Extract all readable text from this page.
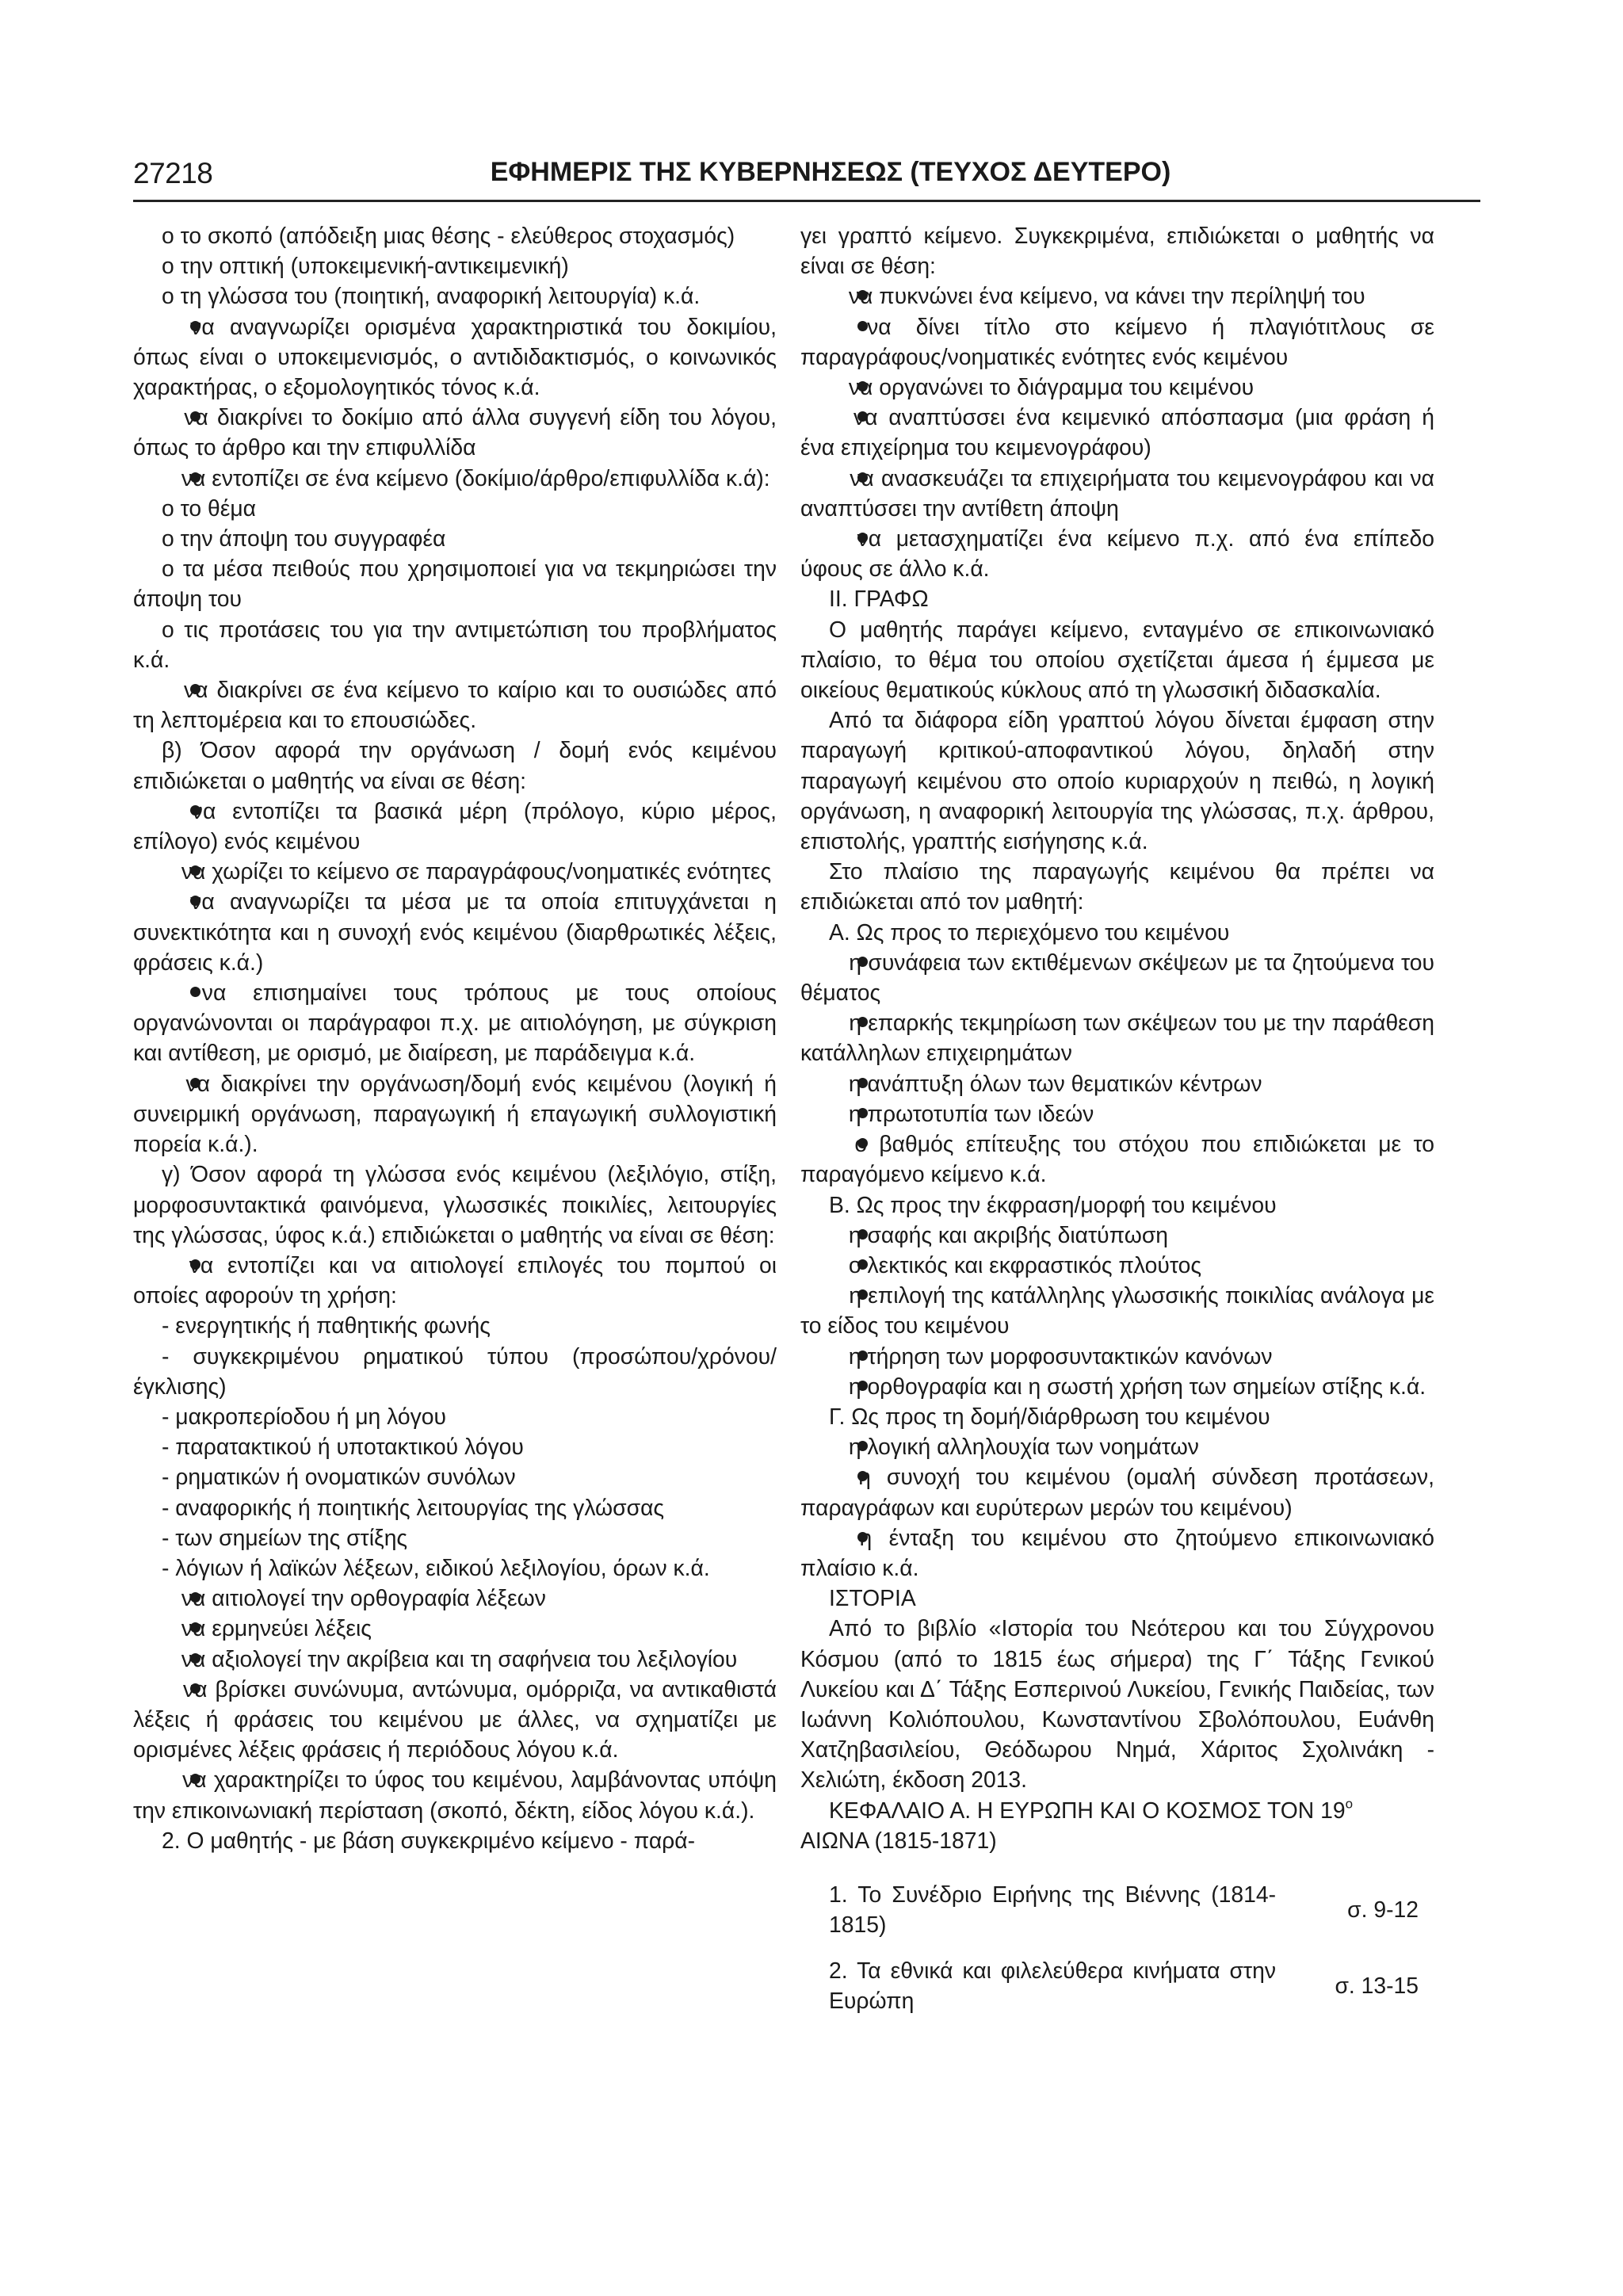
27218	ΕΦΗΜΕΡΙΣ ΤΗΣ ΚΥΒΕΡΝΗΣΕΩΣ (ΤΕΥΧΟΣ ΔΕΥΤΕΡΟ)

ο το σκοπό (απόδειξη μιας θέσης - ελεύθερος στοχασμός)

ο την οπτική (υποκειμενική-αντικειμενική)

ο τη γλώσσα του (ποιητική, αναφορική λειτουργία) κ.ά.

να αναγνωρίζει ορισμένα χαρακτηριστικά του δοκιμίου, όπως είναι ο υποκειμενισμός, ο αντιδιδακτισμός, ο κοινωνικός χαρακτήρας, ο εξομολογητικός τόνος κ.ά.

να διακρίνει το δοκίμιο από άλλα συγγενή είδη του λόγου, όπως το άρθρο και την επιφυλλίδα

να εντοπίζει σε ένα κείμενο (δοκίμιο/άρθρο/επιφυλλίδα κ.ά):

ο το θέμα

ο την άποψη του συγγραφέα

ο τα μέσα πειθούς που χρησιμοποιεί για να τεκμηριώσει την άποψη του

ο τις προτάσεις του για την αντιμετώπιση του προβλήματος κ.ά.

να διακρίνει σε ένα κείμενο το καίριο και το ουσιώδες από τη λεπτομέρεια και το επουσιώδες.

β) Όσον αφορά την οργάνωση / δομή ενός κειμένου επιδιώκεται ο μαθητής να είναι σε θέση:

να εντοπίζει τα βασικά μέρη (πρόλογο, κύριο μέρος, επίλογο) ενός κειμένου

να χωρίζει το κείμενο σε παραγράφους/νοηματικές ενότητες

να αναγνωρίζει τα μέσα με τα οποία επιτυγχάνεται η συνεκτικότητα και η συνοχή ενός κειμένου (διαρθρωτικές λέξεις, φράσεις κ.ά.)

να επισημαίνει τους τρόπους με τους οποίους οργανώνονται οι παράγραφοι π.χ. με αιτιολόγηση, με σύγκριση και αντίθεση, με ορισμό, με διαίρεση, με παράδειγμα κ.ά.

να διακρίνει την οργάνωση/δομή ενός κειμένου (λογική ή συνειρμική οργάνωση, παραγωγική ή επαγωγική συλλογιστική πορεία κ.ά.).

γ) Όσον αφορά τη γλώσσα ενός κειμένου (λεξιλόγιο, στίξη, μορφοσυντακτικά φαινόμενα, γλωσσικές ποικιλίες, λειτουργίες της γλώσσας, ύφος κ.ά.) επιδιώκεται ο μαθητής να είναι σε θέση:

να εντοπίζει και να αιτιολογεί επιλογές του πομπού οι οποίες αφορούν τη χρήση:

- ενεργητικής ή παθητικής φωνής

- συγκεκριμένου ρηματικού τύπου (προσώπου/χρόνου/έγκλισης)

- μακροπερίοδου ή μη λόγου

- παρατακτικού ή υποτακτικού λόγου

- ρηματικών ή ονοματικών συνόλων

- αναφορικής ή ποιητικής λειτουργίας της γλώσσας

- των σημείων της στίξης

- λόγιων ή λαϊκών λέξεων, ειδικού λεξιλογίου, όρων κ.ά.

να αιτιολογεί την ορθογραφία λέξεων

να ερμηνεύει λέξεις

να αξιολογεί την ακρίβεια και τη σαφήνεια του λεξιλογίου

να βρίσκει συνώνυμα, αντώνυμα, ομόρριζα, να αντικαθιστά λέξεις ή φράσεις του κειμένου με άλλες, να σχηματίζει με ορισμένες λέξεις φράσεις ή περιόδους λόγου κ.ά.

να χαρακτηρίζει το ύφος του κειμένου, λαμβάνοντας υπόψη την επικοινωνιακή περίσταση (σκοπό, δέκτη, είδος λόγου κ.ά.).

2. Ο μαθητής - με βάση συγκεκριμένο κείμενο - παρά-

γει γραπτό κείμενο. Συγκεκριμένα, επιδιώκεται ο μαθητής να είναι σε θέση:

να πυκνώνει ένα κείμενο, να κάνει την περίληψή του

να δίνει τίτλο στο κείμενο ή πλαγιότιτλους σε παραγράφους/νοηματικές ενότητες ενός κειμένου

να οργανώνει το διάγραμμα του κειμένου

να αναπτύσσει ένα κειμενικό απόσπασμα (μια φράση ή ένα επιχείρημα του κειμενογράφου)

να ανασκευάζει τα επιχειρήματα του κειμενογράφου και να αναπτύσσει την αντίθετη άποψη

να μετασχηματίζει ένα κείμενο π.χ. από ένα επίπεδο ύφους σε άλλο κ.ά.

ΙΙ. ΓΡΑΦΩ

Ο μαθητής παράγει κείμενο, ενταγμένο σε επικοινωνιακό πλαίσιο, το θέμα του οποίου σχετίζεται άμεσα ή έμμεσα με οικείους θεματικούς κύκλους από τη γλωσσική διδασκαλία.

Από τα διάφορα είδη γραπτού λόγου δίνεται έμφαση στην παραγωγή κριτικού-αποφαντικού λόγου, δηλαδή στην παραγωγή κειμένου στο οποίο κυριαρχούν η πειθώ, η λογική οργάνωση, η αναφορική λειτουργία της γλώσσας, π.χ. άρθρου, επιστολής, γραπτής εισήγησης κ.ά.

Στο πλαίσιο της παραγωγής κειμένου θα πρέπει να επιδιώκεται από τον μαθητή:

Α. Ως προς το περιεχόμενο του κειμένου

η συνάφεια των εκτιθέμενων σκέψεων με τα ζητούμενα του θέματος

η επαρκής τεκμηρίωση των σκέψεων του με την παράθεση κατάλληλων επιχειρημάτων

η ανάπτυξη όλων των θεματικών κέντρων

η πρωτοτυπία των ιδεών

ο βαθμός επίτευξης του στόχου που επιδιώκεται με το παραγόμενο κείμενο κ.ά.

Β. Ως προς την έκφραση/μορφή του κειμένου

η σαφής και ακριβής διατύπωση

ο λεκτικός και εκφραστικός πλούτος

η επιλογή της κατάλληλης γλωσσικής ποικιλίας ανάλογα με το είδος του κειμένου

η τήρηση των μορφοσυντακτικών κανόνων

η ορθογραφία και η σωστή χρήση των σημείων στίξης κ.ά.

Γ. Ως προς τη δομή/διάρθρωση του κειμένου

η λογική αλληλουχία των νοημάτων

η συνοχή του κειμένου (ομαλή σύνδεση προτάσεων, παραγράφων και ευρύτερων μερών του κειμένου)

η ένταξη του κειμένου στο ζητούμενο επικοινωνιακό πλαίσιο κ.ά.

ΙΣΤΟΡΙΑ

Από το βιβλίο «Ιστορία του Νεότερου και του Σύγχρονου Κόσμου (από το 1815 έως σήμερα) της Γ΄ Τάξης Γενικού Λυκείου και Δ΄ Τάξης Εσπερινού Λυκείου, Γενικής Παιδείας, των Ιωάννη Κολιόπουλου, Κωνσταντίνου Σβολόπουλου, Ευάνθη Χατζηβασιλείου, Θεόδωρου Νημά, Χάριτος Σχολινάκη - Χελιώτη, έκδοση 2013.

ΚΕΦΑΛΑΙΟ Α. Η ΕΥΡΩΠΗ ΚΑΙ Ο ΚΟΣΜΟΣ ΤΟΝ $19^o$
ΑΙΩΝΑ (1815-1871)

1. Το Συνέδριο Ειρήνης της Βιέννης (1814-1815)	σ. 9-12
2. Τα εθνικά και φιλελεύθερα κινήματα στην Ευρώπη	σ. 13-15
